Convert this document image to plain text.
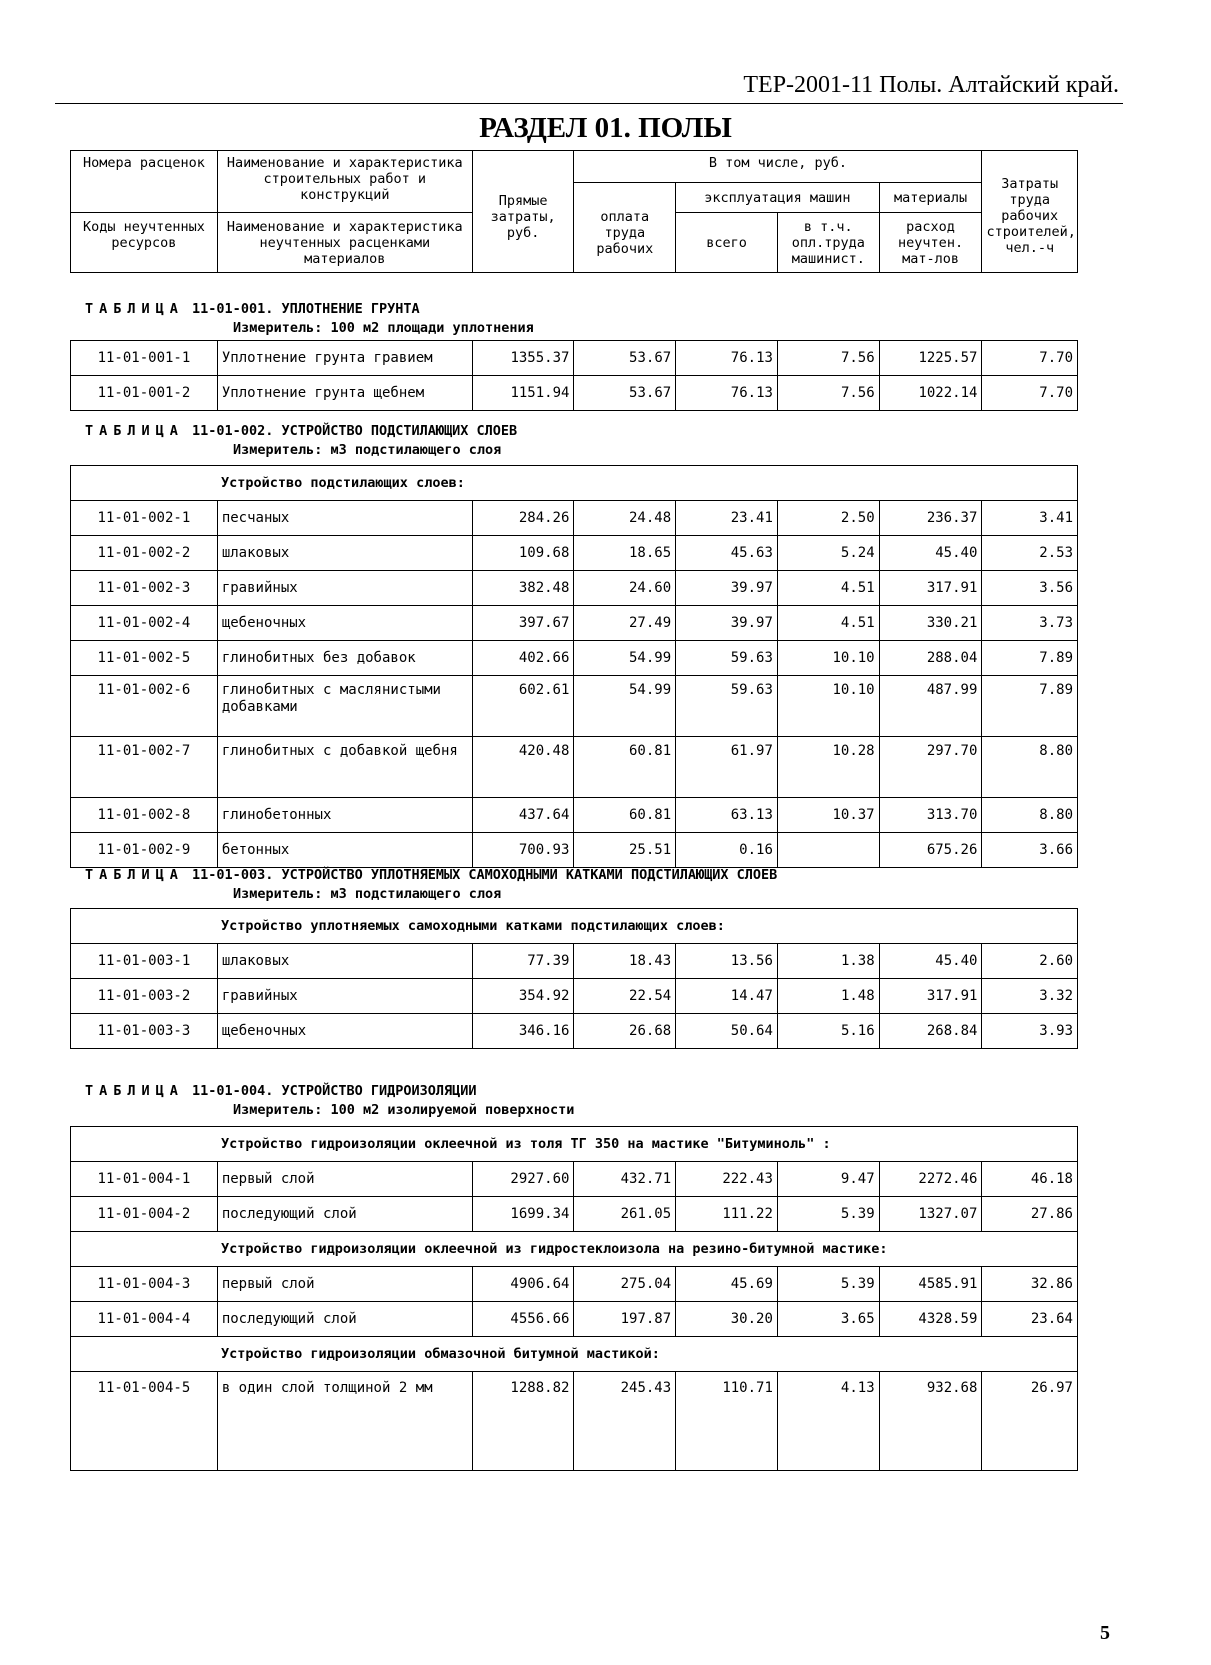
ТЕР-2001-11 Полы. Алтайский край.
РАЗДЕЛ 01. ПОЛЫ
Номера расценок	Наименование и характеристика строительных работ и конструкций	Прямые затраты, руб.	В том числе, руб.				Затраты труда рабочих строителей, чел.-ч
			оплата труда рабочих	эксплуатация машин		материалы	
Коды неучтенных ресурсов	Наименование и характеристика неучтенных расценками материалов			всего	в т.ч. опл.труда машинист.	расход неучтен. мат-лов	

ТАБЛИЦА 11-01-001. УПЛОТНЕНИЕ ГРУНТА
Измеритель: 100 м2 площади уплотнения
11-01-001-1	Уплотнение грунта гравием	1355.37	53.67	76.13	7.56	1225.57	7.70
11-01-001-2	Уплотнение грунта щебнем	1151.94	53.67	76.13	7.56	1022.14	7.70
ТАБЛИЦА 11-01-002. УСТРОЙСТВО ПОДСТИЛАЮЩИХ СЛОЕВ
Измеритель: м3 подстилающего слоя
Устройство подстилающих слоев:							
11-01-002-1	песчаных	284.26	24.48	23.41	2.50	236.37	3.41
11-01-002-2	шлаковых	109.68	18.65	45.63	5.24	45.40	2.53
11-01-002-3	гравийных	382.48	24.60	39.97	4.51	317.91	3.56
11-01-002-4	щебеночных	397.67	27.49	39.97	4.51	330.21	3.73
11-01-002-5	глинобитных без добавок	402.66	54.99	59.63	10.10	288.04	7.89
11-01-002-6	глинобитных с маслянистыми добавками	602.61	54.99	59.63	10.10	487.99	7.89
11-01-002-7	глинобитных с добавкой щебня	420.48	60.81	61.97	10.28	297.70	8.80
11-01-002-8	глинобетонных	437.64	60.81	63.13	10.37	313.70	8.80
11-01-002-9	бетонных	700.93	25.51	0.16		675.26	3.66
ТАБЛИЦА 11-01-003. УСТРОЙСТВО УПЛОТНЯЕМЫХ САМОХОДНЫМИ КАТКАМИ ПОДСТИЛАЮЩИХ СЛОЕВ
Измеритель: м3 подстилающего слоя
Устройство уплотняемых самоходными катками подстилающих слоев:							
11-01-003-1	шлаковых	77.39	18.43	13.56	1.38	45.40	2.60
11-01-003-2	гравийных	354.92	22.54	14.47	1.48	317.91	3.32
11-01-003-3	щебеночных	346.16	26.68	50.64	5.16	268.84	3.93
ТАБЛИЦА 11-01-004. УСТРОЙСТВО ГИДРОИЗОЛЯЦИИ
Измеритель: 100 м2 изолируемой поверхности
Устройство гидроизоляции оклеечной из толя ТГ 350 на мастике "Битуминоль" :							
11-01-004-1	первый слой	2927.60	432.71	222.43	9.47	2272.46	46.18
11-01-004-2	последующий слой	1699.34	261.05	111.22	5.39	1327.07	27.86
Устройство гидроизоляции оклеечной из гидростеклоизола на резино-битумной мастике:							
11-01-004-3	первый слой	4906.64	275.04	45.69	5.39	4585.91	32.86
11-01-004-4	последующий слой	4556.66	197.87	30.20	3.65	4328.59	23.64
Устройство гидроизоляции обмазочной битумной мастикой:							
11-01-004-5	в один слой толщиной 2 мм	1288.82	245.43	110.71	4.13	932.68	26.97
5
